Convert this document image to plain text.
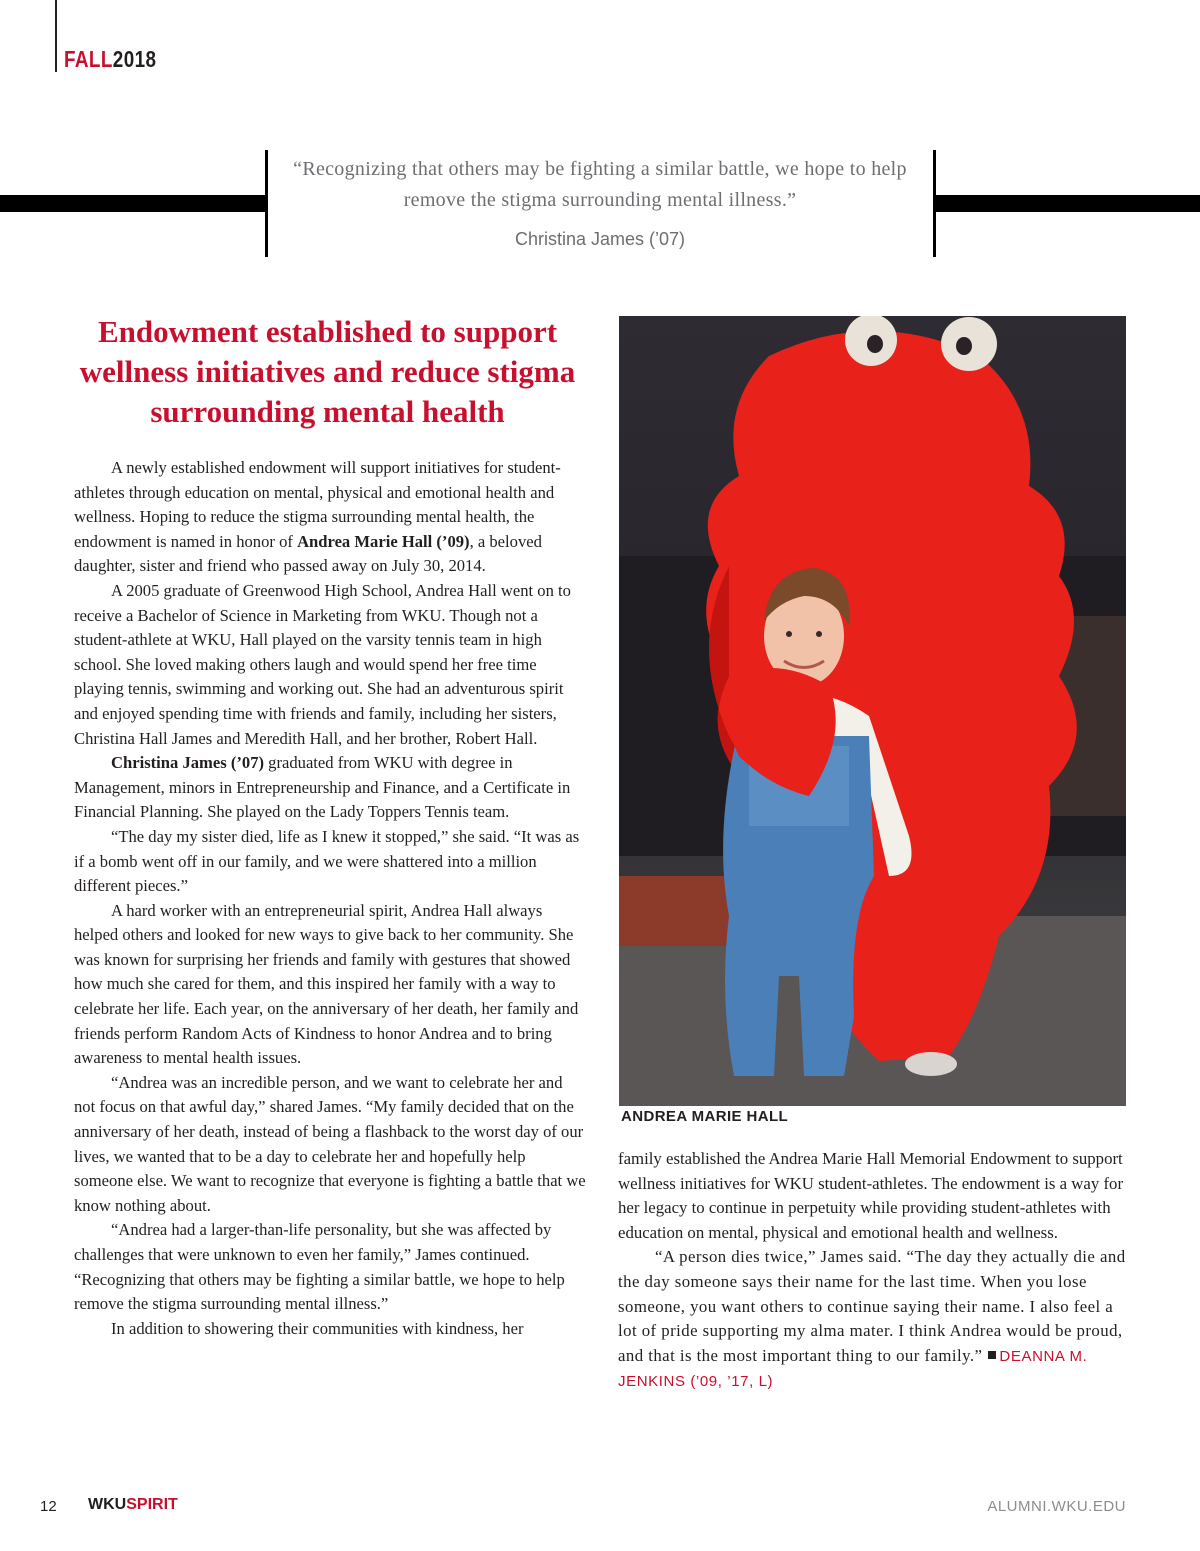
FALL2018
“Recognizing that others may be fighting a similar battle, we hope to help
remove the stigma surrounding mental illness.”
Christina James (’07)
Endowment established to support
wellness initiatives and reduce stigma
surrounding mental health

A newly established endowment will support initiatives for student-athletes through education on mental, physical and emotional health and wellness. Hoping to reduce the stigma surrounding mental health, the endowment is named in honor of Andrea Marie Hall (’09), a beloved daughter, sister and friend who passed away on July 30, 2014.

A 2005 graduate of Greenwood High School, Andrea Hall went on to receive a Bachelor of Science in Marketing from WKU. Though not a student-athlete at WKU, Hall played on the varsity tennis team in high school. She loved making others laugh and would spend her free time playing tennis, swimming and working out. She had an adventurous spirit and enjoyed spending time with friends and family, including her sisters, Christina Hall James and Meredith Hall, and her brother, Robert Hall.

Christina James (’07) graduated from WKU with degree in Management, minors in Entrepreneurship and Finance, and a Certificate in Financial Planning. She played on the Lady Toppers Tennis team.

“The day my sister died, life as I knew it stopped,” she said. “It was as if a bomb went off in our family, and we were shattered into a million different pieces.”

A hard worker with an entrepreneurial spirit, Andrea Hall always helped others and looked for new ways to give back to her community. She was known for surprising her friends and family with gestures that showed how much she cared for them, and this inspired her family with a way to celebrate her life. Each year, on the anniversary of her death, her family and friends perform Random Acts of Kindness to honor Andrea and to bring awareness to mental health issues.

“Andrea was an incredible person, and we want to celebrate her and not focus on that awful day,” shared James. “My family decided that on the anniversary of her death, instead of being a flashback to the worst day of our lives, we wanted that to be a day to celebrate her and hopefully help someone else. We want to recognize that everyone is fighting a battle that we know nothing about.

“Andrea had a larger-than-life personality, but she was affected by challenges that were unknown to even her family,” James continued. “Recognizing that others may be fighting a similar battle, we hope to help remove the stigma surrounding mental illness.”

In addition to showering their communities with kindness, her

ANDREA MARIE HALL

family established the Andrea Marie Hall Memorial Endowment to support wellness initiatives for WKU student-athletes. The endowment is a way for her legacy to continue in perpetuity while providing student-athletes with education on mental, physical and emotional health and wellness.

“A person dies twice,” James said. “The day they actually die and the day someone says their name for the last time. When you lose someone, you want others to continue saying their name. I also feel a lot of pride supporting my alma mater. I think Andrea would be proud, and that is the most important thing to our family.” DEANNA M. JENKINS (’09, ’17, L)

12 WKUSPIRIT	ALUMNI.WKU.EDU
